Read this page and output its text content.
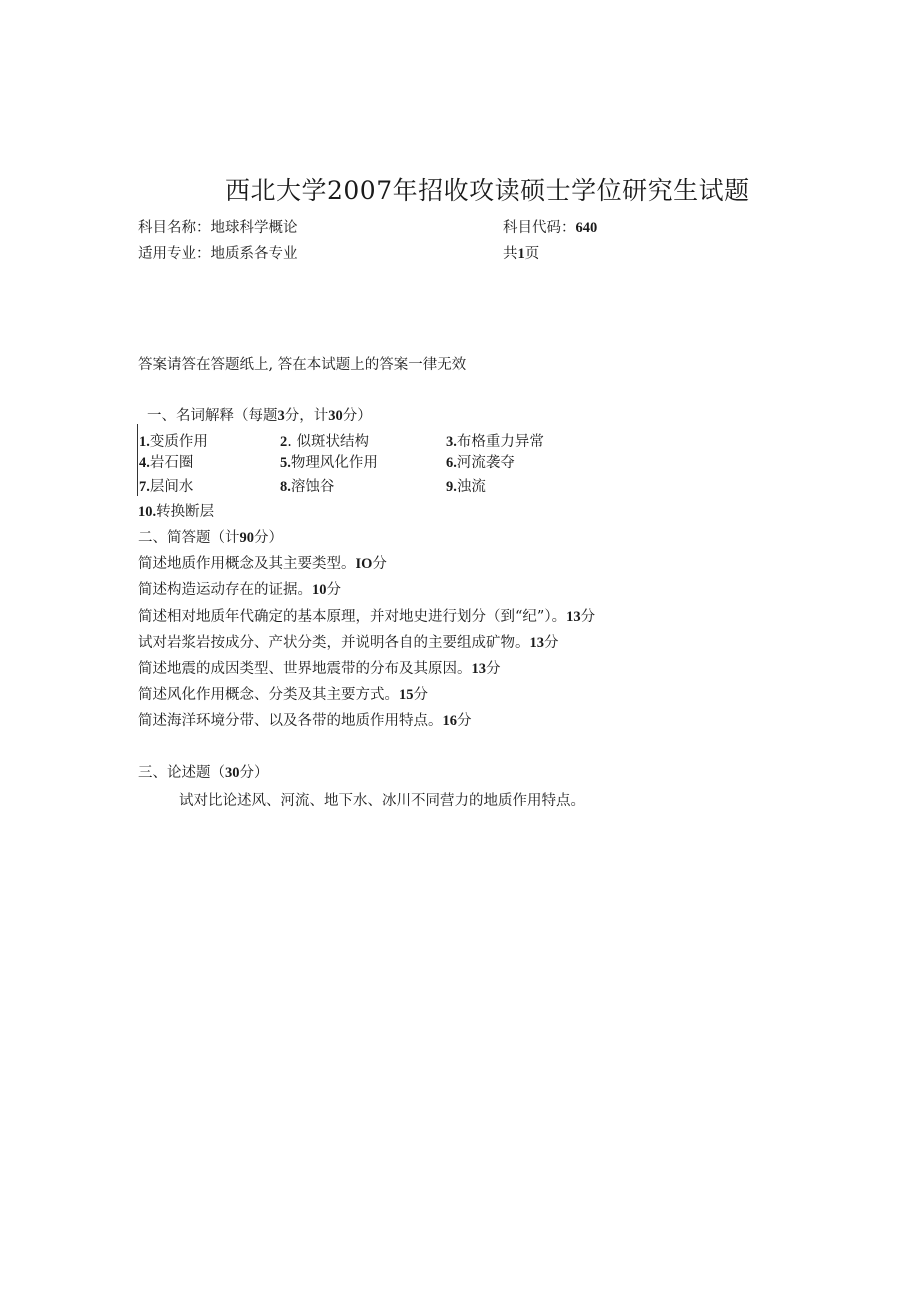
西北大学2007年招收攻读硕士学位研究生试题
科目名称：地球科学概论	科目代码：640
适用专业：地质系各专业	共1页
答案请答在答题纸上, 答在本试题上的答案一律无效
一、名词解释（每题3分，计30分）
1.变质作用	2. 似斑状结构	3.布格重力异常
4.岩石圈	5.物理风化作用	6.河流袭夺
7.层间水	8.溶蚀谷	9.浊流
10.转换断层
二、简答题（计90分）
简述地质作用概念及其主要类型。IO分
简述构造运动存在的证据。10分
简述相对地质年代确定的基本原理，并对地史进行划分（到“纪”）。13分
试对岩浆岩按成分、产状分类，并说明各自的主要组成矿物。13分
简述地震的成因类型、世界地震带的分布及其原因。13分
简述风化作用概念、分类及其主要方式。15分
简述海洋环境分带、以及各带的地质作用特点。16分
三、论述题（30分）
试对比论述风、河流、地下水、冰川不同营力的地质作用特点。
